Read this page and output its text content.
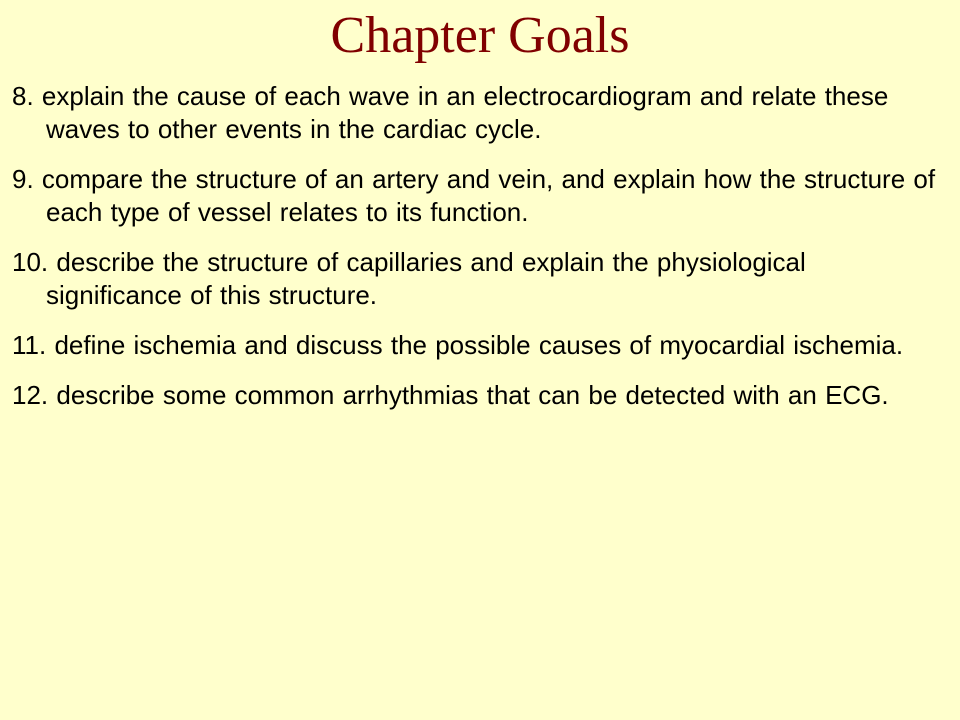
Chapter Goals
8. explain the cause of each wave in an electrocardiogram and relate these waves to other events in the cardiac cycle.
9. compare the structure of an artery and vein, and explain how the structure of each type of vessel relates to its function.
10. describe the structure of capillaries and explain the physiological significance of this structure.
11. define ischemia and discuss the possible causes of myocardial ischemia.
12. describe some common arrhythmias that can be detected with an ECG.
